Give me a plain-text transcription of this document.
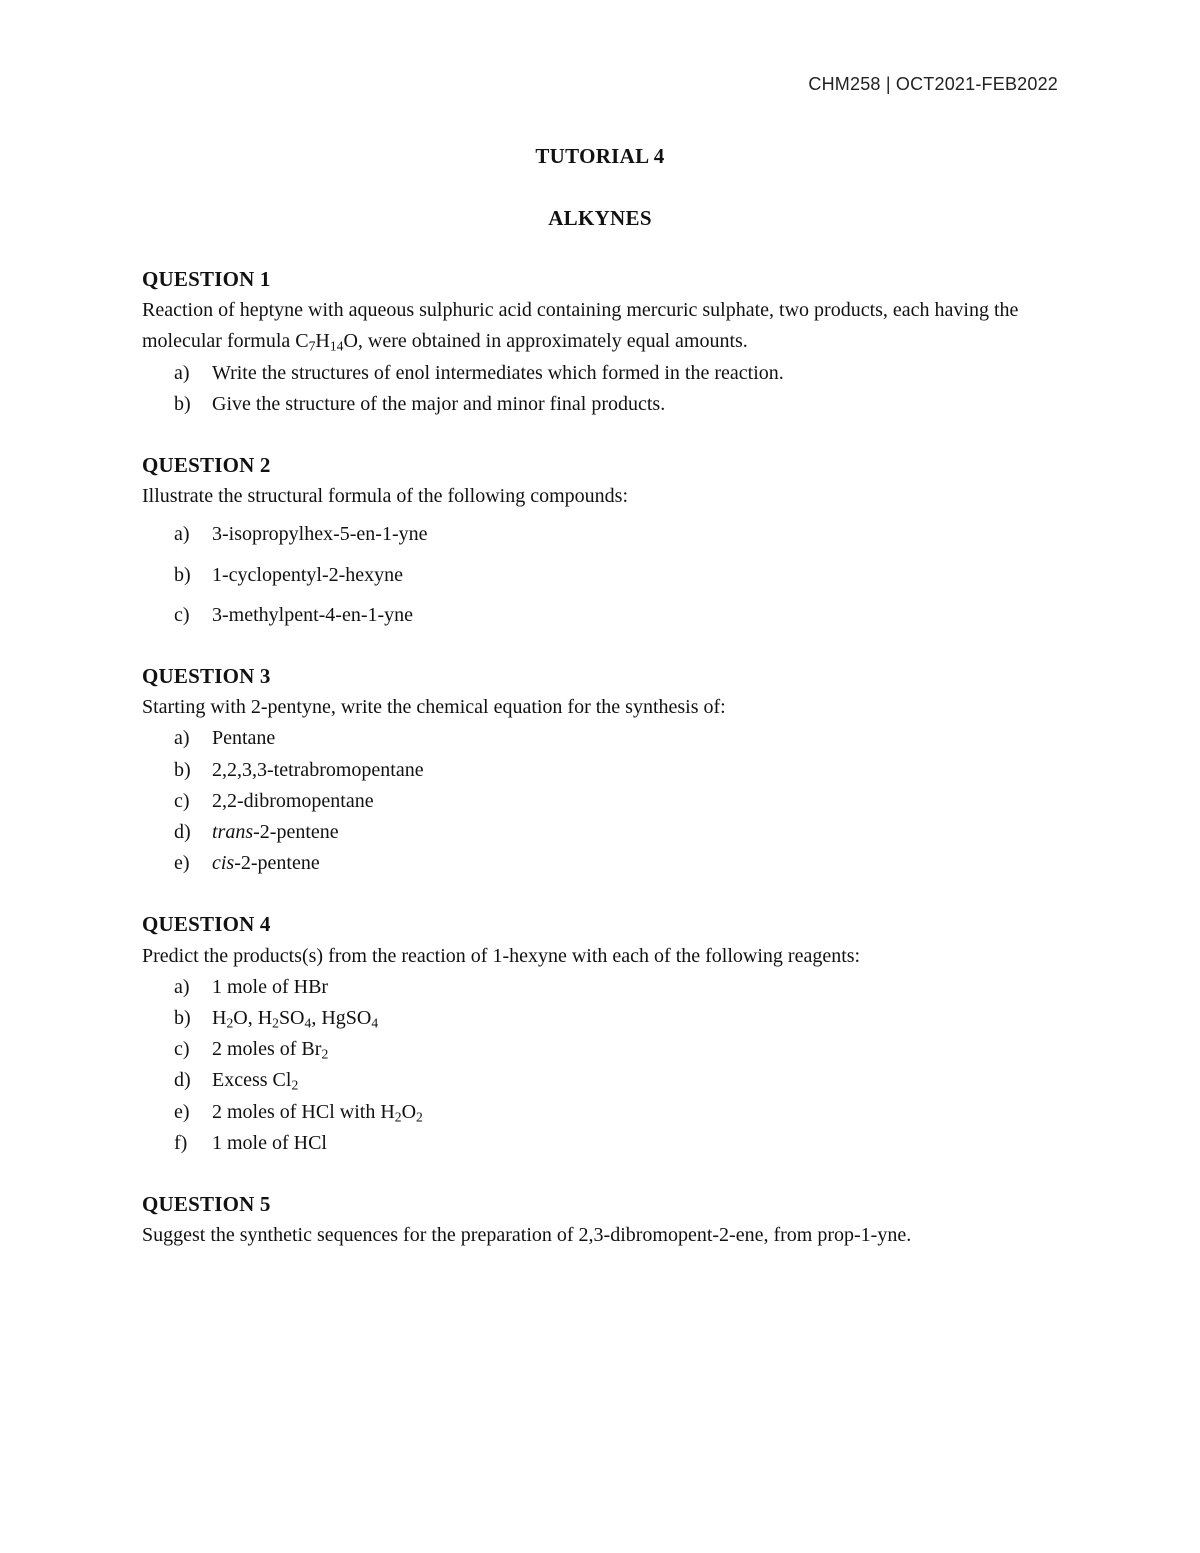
CHM258 | OCT2021-FEB2022
TUTORIAL 4
ALKYNES
QUESTION 1
Reaction of heptyne with aqueous sulphuric acid containing mercuric sulphate, two products, each having the molecular formula $C_7H_{14}O$, were obtained in approximately equal amounts.
a)	Write the structures of enol intermediates which formed in the reaction.
b)	Give the structure of the major and minor final products.
QUESTION 2
Illustrate the structural formula of the following compounds:
a)	3-isopropylhex-5-en-1-yne
b)	1-cyclopentyl-2-hexyne
c)	3-methylpent-4-en-1-yne
QUESTION 3
Starting with 2-pentyne, write the chemical equation for the synthesis of:
a)	Pentane
b)	2,2,3,3-tetrabromopentane
c)	2,2-dibromopentane
d)	trans-2-pentene
e)	cis-2-pentene
QUESTION 4
Predict the products(s) from the reaction of 1-hexyne with each of the following reagents:
a)	1 mole of HBr
b)	$H_2O$, $H_2SO_4$, HgSO$_4$
c)	2 moles of $Br_2$
d)	Excess $Cl_2$
e)	2 moles of HCl with $H_2O_2$
f)	1 mole of HCl
QUESTION 5
Suggest the synthetic sequences for the preparation of 2,3-dibromopent-2-ene, from prop-1-yne.
